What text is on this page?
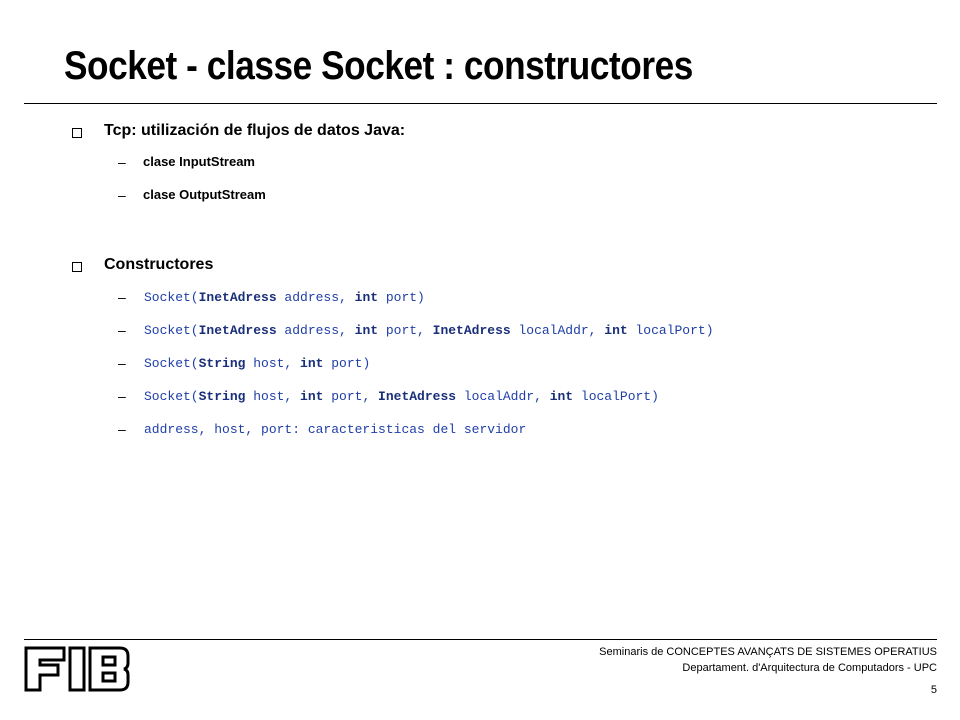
Socket - classe Socket : constructores
Tcp: utilización de flujos de datos Java:
– clase InputStream
– clase OutputStream
Constructores
– Socket(InetAdress address, int port)
– Socket(InetAdress address, int port, InetAdress localAddr, int localPort)
– Socket(String host, int port)
– Socket(String host, int port, InetAdress localAddr, int localPort)
– address, host, port: caracteristicas del servidor
Seminaris de CONCEPTES AVANÇATS DE SISTEMES OPERATIUS
Departament. d'Arquitectura de Computadors - UPC
5
